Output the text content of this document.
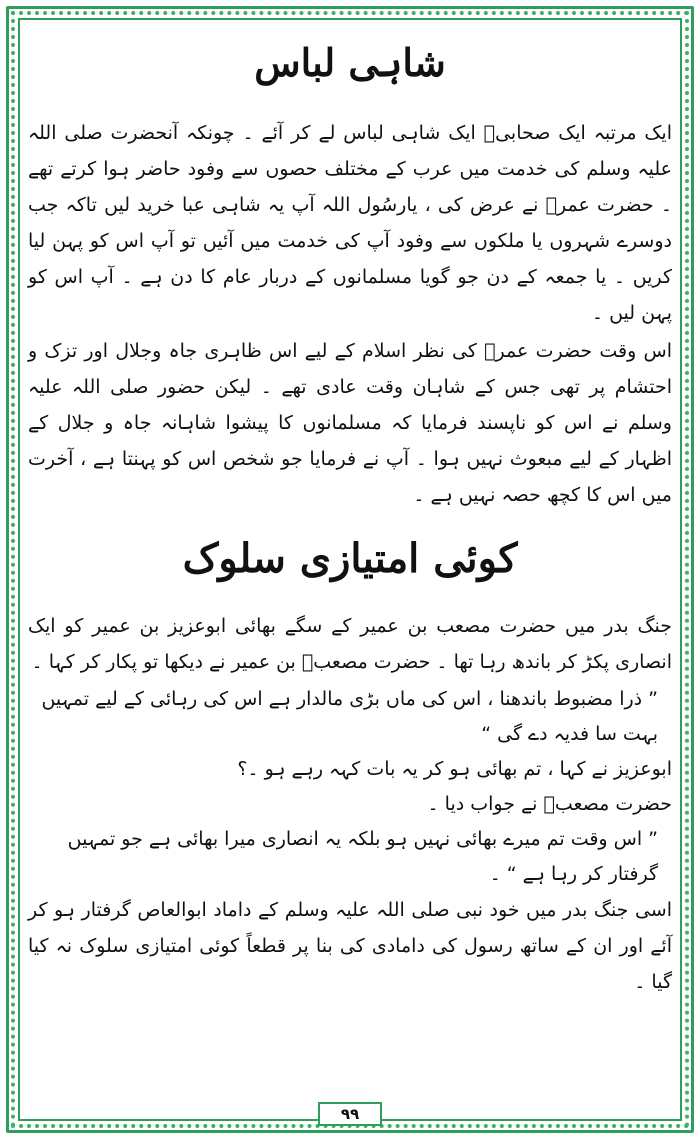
شاہی لباس

ایک مرتبہ ایک صحابیؓ ایک شاہی لباس لے کر آئے ۔ چونکہ آنحضرت صلی اللہ علیہ وسلم کی خدمت میں عرب کے مختلف حصوں سے وفود حاضر ہوا کرتے تھے ۔ حضرت عمرؓ نے عرض کی ، یارسُول اللہ آپ یہ شاہی عبا خرید لیں تاکہ جب دوسرے شہروں یا ملکوں سے وفود آپ کی خدمت میں آئیں تو آپ اس کو پہن لیا کریں ۔ یا جمعہ کے دن جو گویا مسلمانوں کے دربار عام کا دن ہے ۔ آپ اس کو پہن لیں ۔

اس وقت حضرت عمرؓ کی نظر اسلام کے لیے اس ظاہری جاہ وجلال اور تزک و احتشام پر تھی جس کے شاہان وقت عادی تھے ۔ لیکن حضور صلی اللہ علیہ وسلم نے اس کو ناپسند فرمایا کہ مسلمانوں کا پیشوا شاہانہ جاہ و جلال کے اظہار کے لیے مبعوث نہیں ہوا ۔ آپ نے فرمایا جو شخص اس کو پہنتا ہے ، آخرت میں اس کا کچھ حصہ نہیں ہے ۔

کوئی امتیازی سلوک

جنگ بدر میں حضرت مصعب بن عمیر کے سگے بھائی ابوعزیز بن عمیر کو ایک انصاری پکڑ کر باندھ رہا تھا ۔ حضرت مصعبؓ بن عمیر نے دیکھا تو پکار کر کہا ۔

” ذرا مضبوط باندھنا ، اس کی ماں بڑی مالدار ہے اس کی رہائی کے لیے تمہیں بہت سا فدیہ دے گی “
ابوعزیز نے کہا ، تم بھائی ہو کر یہ بات کہہ رہے ہو ۔؟
حضرت مصعبؓ نے جواب دیا ۔
” اس وقت تم میرے بھائی نہیں ہو بلکہ یہ انصاری میرا بھائی ہے جو تمہیں گرفتار کر رہا ہے “ ۔

اسی جنگ بدر میں خود نبی صلی اللہ علیہ وسلم کے داماد ابوالعاص گرفتار ہو کر آئے اور ان کے ساتھ رسول کی دامادی کی بنا پر قطعاً کوئی امتیازی سلوک نہ کیا گیا ۔

۹۹
